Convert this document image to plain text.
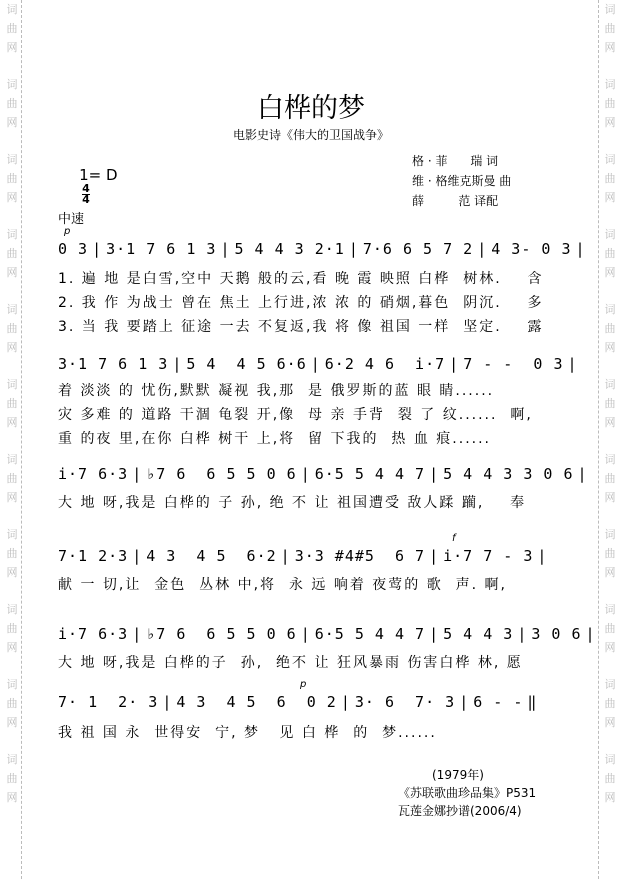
词
曲
网
词
曲
网
词
曲
网
词
曲
网
词
曲
网
词
曲
网
词
曲
网
词
曲
网
词
曲
网
词
曲
网
词
曲
网
词
曲
网
词
曲
网
词
曲
网
词
曲
网
词
曲
网
词
曲
网
词
曲
网
词
曲
网
词
曲
网
词
曲
网
词
曲
网
白桦的梦
电影史诗《伟大的卫国战争》

1= D
$\frac{4}{4}$

格 · 菲      瑞 词
维 · 格维克斯曼 曲
薛         范 译配
中速
p
0 3 | 3·1 7 6 1 3 | 5 4 4 3 2·1 | 7·6 6 5 7 2 | 4 3- 0 3 |
1. 遍 地 是白雪,空中 天鹅 般的云,看 晚 霞 映照 白桦  树林.    含
2. 我 作 为战士 曾在 焦土 上行进,浓 浓 的 硝烟,暮色  阴沉.    多
3. 当 我 要踏上 征途 一去 不复返,我 将 像 祖国 一样  坚定.    露
3·1 7 6 1 3 | 5 4  4 5 6·6 | 6·2 4 6  i·7 | 7 - -  0 3 |
着 淡淡 的 忧伤,默默 凝视 我,那  是 俄罗斯的蓝 眼 睛......
灾 多难 的 道路 干涸 龟裂 开,像  母 亲 手背  裂 了 纹......  啊,
重 的夜 里,在你 白桦 树干 上,将  留 下我的  热 血 痕......
i·7 6·3 | ♭7 6  6 5 5 0 6 | 6·5 5 4 4 7 | 5 4 4 3 3 0 6 |
大 地 呀,我是 白桦的 子 孙, 绝 不 让 祖国遭受 敌人蹂 躏,    奉
f
7·1 2·3 | 4 3  4 5  6·2 | 3·3 #4#5  6 7 | i·7 7 - 3 |
献 一 切,让  金色  丛林 中,将  永 远 响着 夜莺的 歌  声. 啊,
i·7 6·3 | ♭7 6  6 5 5 0 6 | 6·5 5 4 4 7 | 5 4 4 3 | 3 0 6 |
大 地 呀,我是 白桦的子  孙,  绝不 让 狂风暴雨 伤害白桦 林, 愿
p
7· 1  2· 3 | 4 3  4 5  6  0 2 | 3· 6  7· 3 | 6 - - ‖
我 祖 国 永  世得安  宁, 梦   见 白 桦  的  梦......
(1979年)
《苏联歌曲珍品集》P531
瓦莲金娜抄谱(2006/4)
